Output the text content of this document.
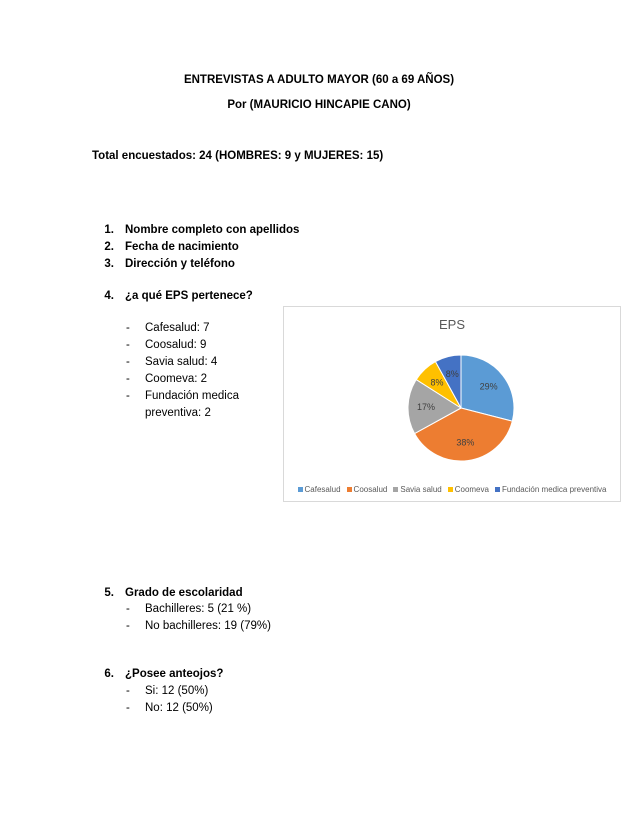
ENTREVISTAS A ADULTO MAYOR (60 a 69 AÑOS)
Por (MAURICIO HINCAPIE CANO)
Total encuestados: 24 (HOMBRES: 9 y MUJERES: 15)
1. Nombre completo con apellidos
2. Fecha de nacimiento
3. Dirección y teléfono
4. ¿a qué EPS pertenece?
- Cafesalud: 7
- Coosalud: 9
- Savia salud: 4
- Coomeva: 2
- Fundación medica
preventiva: 2
EPS
29%
38%
17%
8%
8%
Cafesalud Coosalud Savia salud Coomeva Fundación medica preventiva
5. Grado de escolaridad
- Bachilleres: 5 (21 %)
- No bachilleres: 19 (79%)
6. ¿Posee anteojos?
- Si: 12 (50%)
- No: 12 (50%)
